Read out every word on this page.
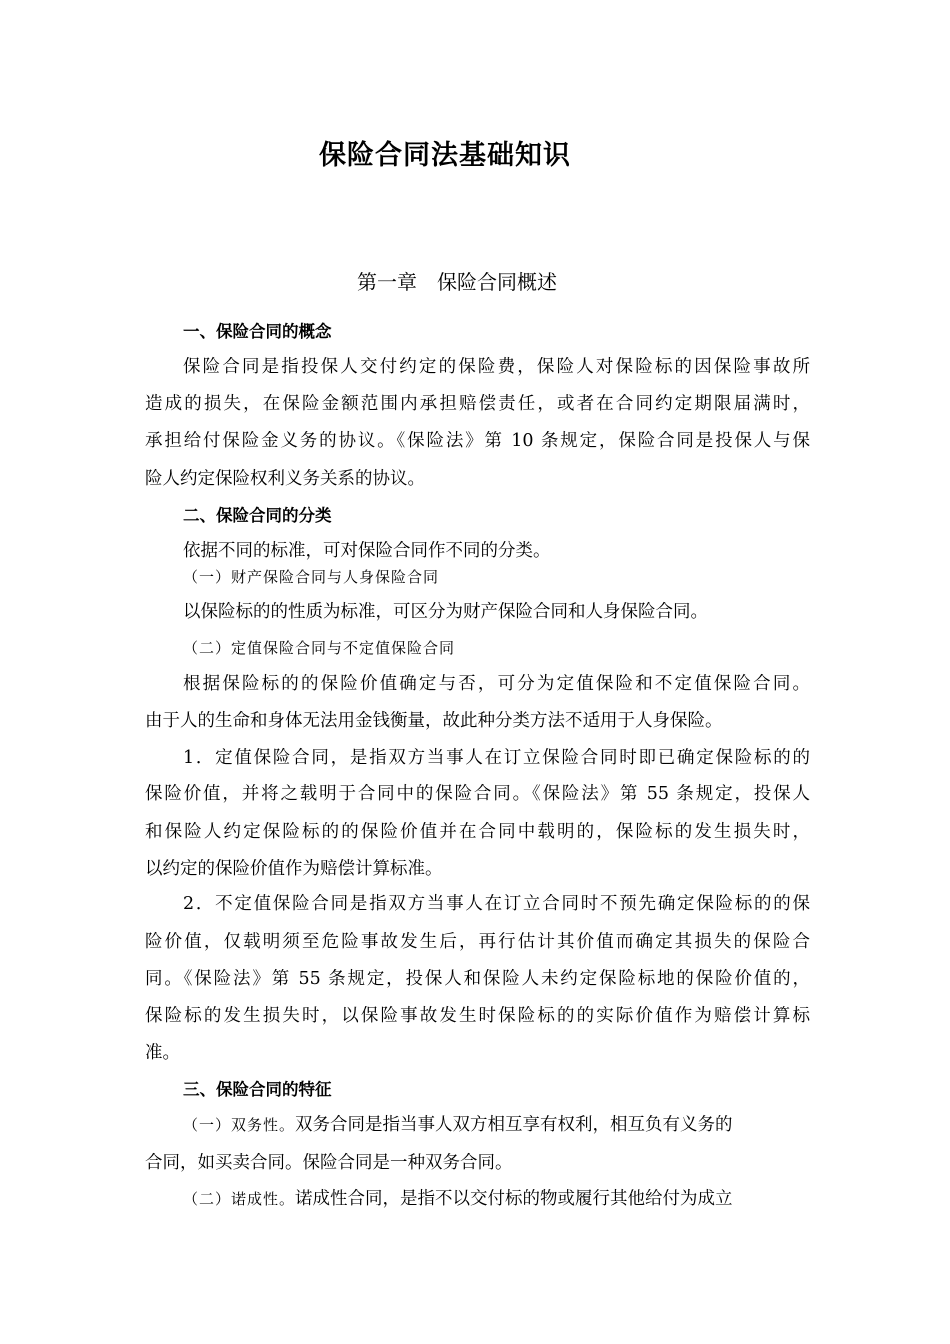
保险合同法基础知识
第一章　保险合同概述
一、保险合同的概念
保险合同是指投保人交付约定的保险费，保险人对保险标的因保险事故所
造成的损失，在保险金额范围内承担赔偿责任，或者在合同约定期限届满时，
承担给付保险金义务的协议。《保险法》第 10 条规定，保险合同是投保人与保
险人约定保险权利义务关系的协议。
二、保险合同的分类
依据不同的标准，可对保险合同作不同的分类。
（一）财产保险合同与人身保险合同
以保险标的的性质为标准，可区分为财产保险合同和人身保险合同。
（二）定值保险合同与不定值保险合同
根据保险标的的保险价值确定与否，可分为定值保险和不定值保险合同。
由于人的生命和身体无法用金钱衡量，故此种分类方法不适用于人身保险。
1．定值保险合同，是指双方当事人在订立保险合同时即已确定保险标的的
保险价值，并将之载明于合同中的保险合同。《保险法》第 55 条规定，投保人
和保险人约定保险标的的保险价值并在合同中载明的，保险标的发生损失时，
以约定的保险价值作为赔偿计算标准。
2．不定值保险合同是指双方当事人在订立合同时不预先确定保险标的的保
险价值，仅载明须至危险事故发生后，再行估计其价值而确定其损失的保险合
同。《保险法》第 55 条规定，投保人和保险人未约定保险标地的保险价值的，
保险标的发生损失时，以保险事故发生时保险标的的实际价值作为赔偿计算标
准。
三、保险合同的特征
（一）双务性。双务合同是指当事人双方相互享有权利，相互负有义务的
合同，如买卖合同。保险合同是一种双务合同。
（二）诺成性。诺成性合同，是指不以交付标的物或履行其他给付为成立
